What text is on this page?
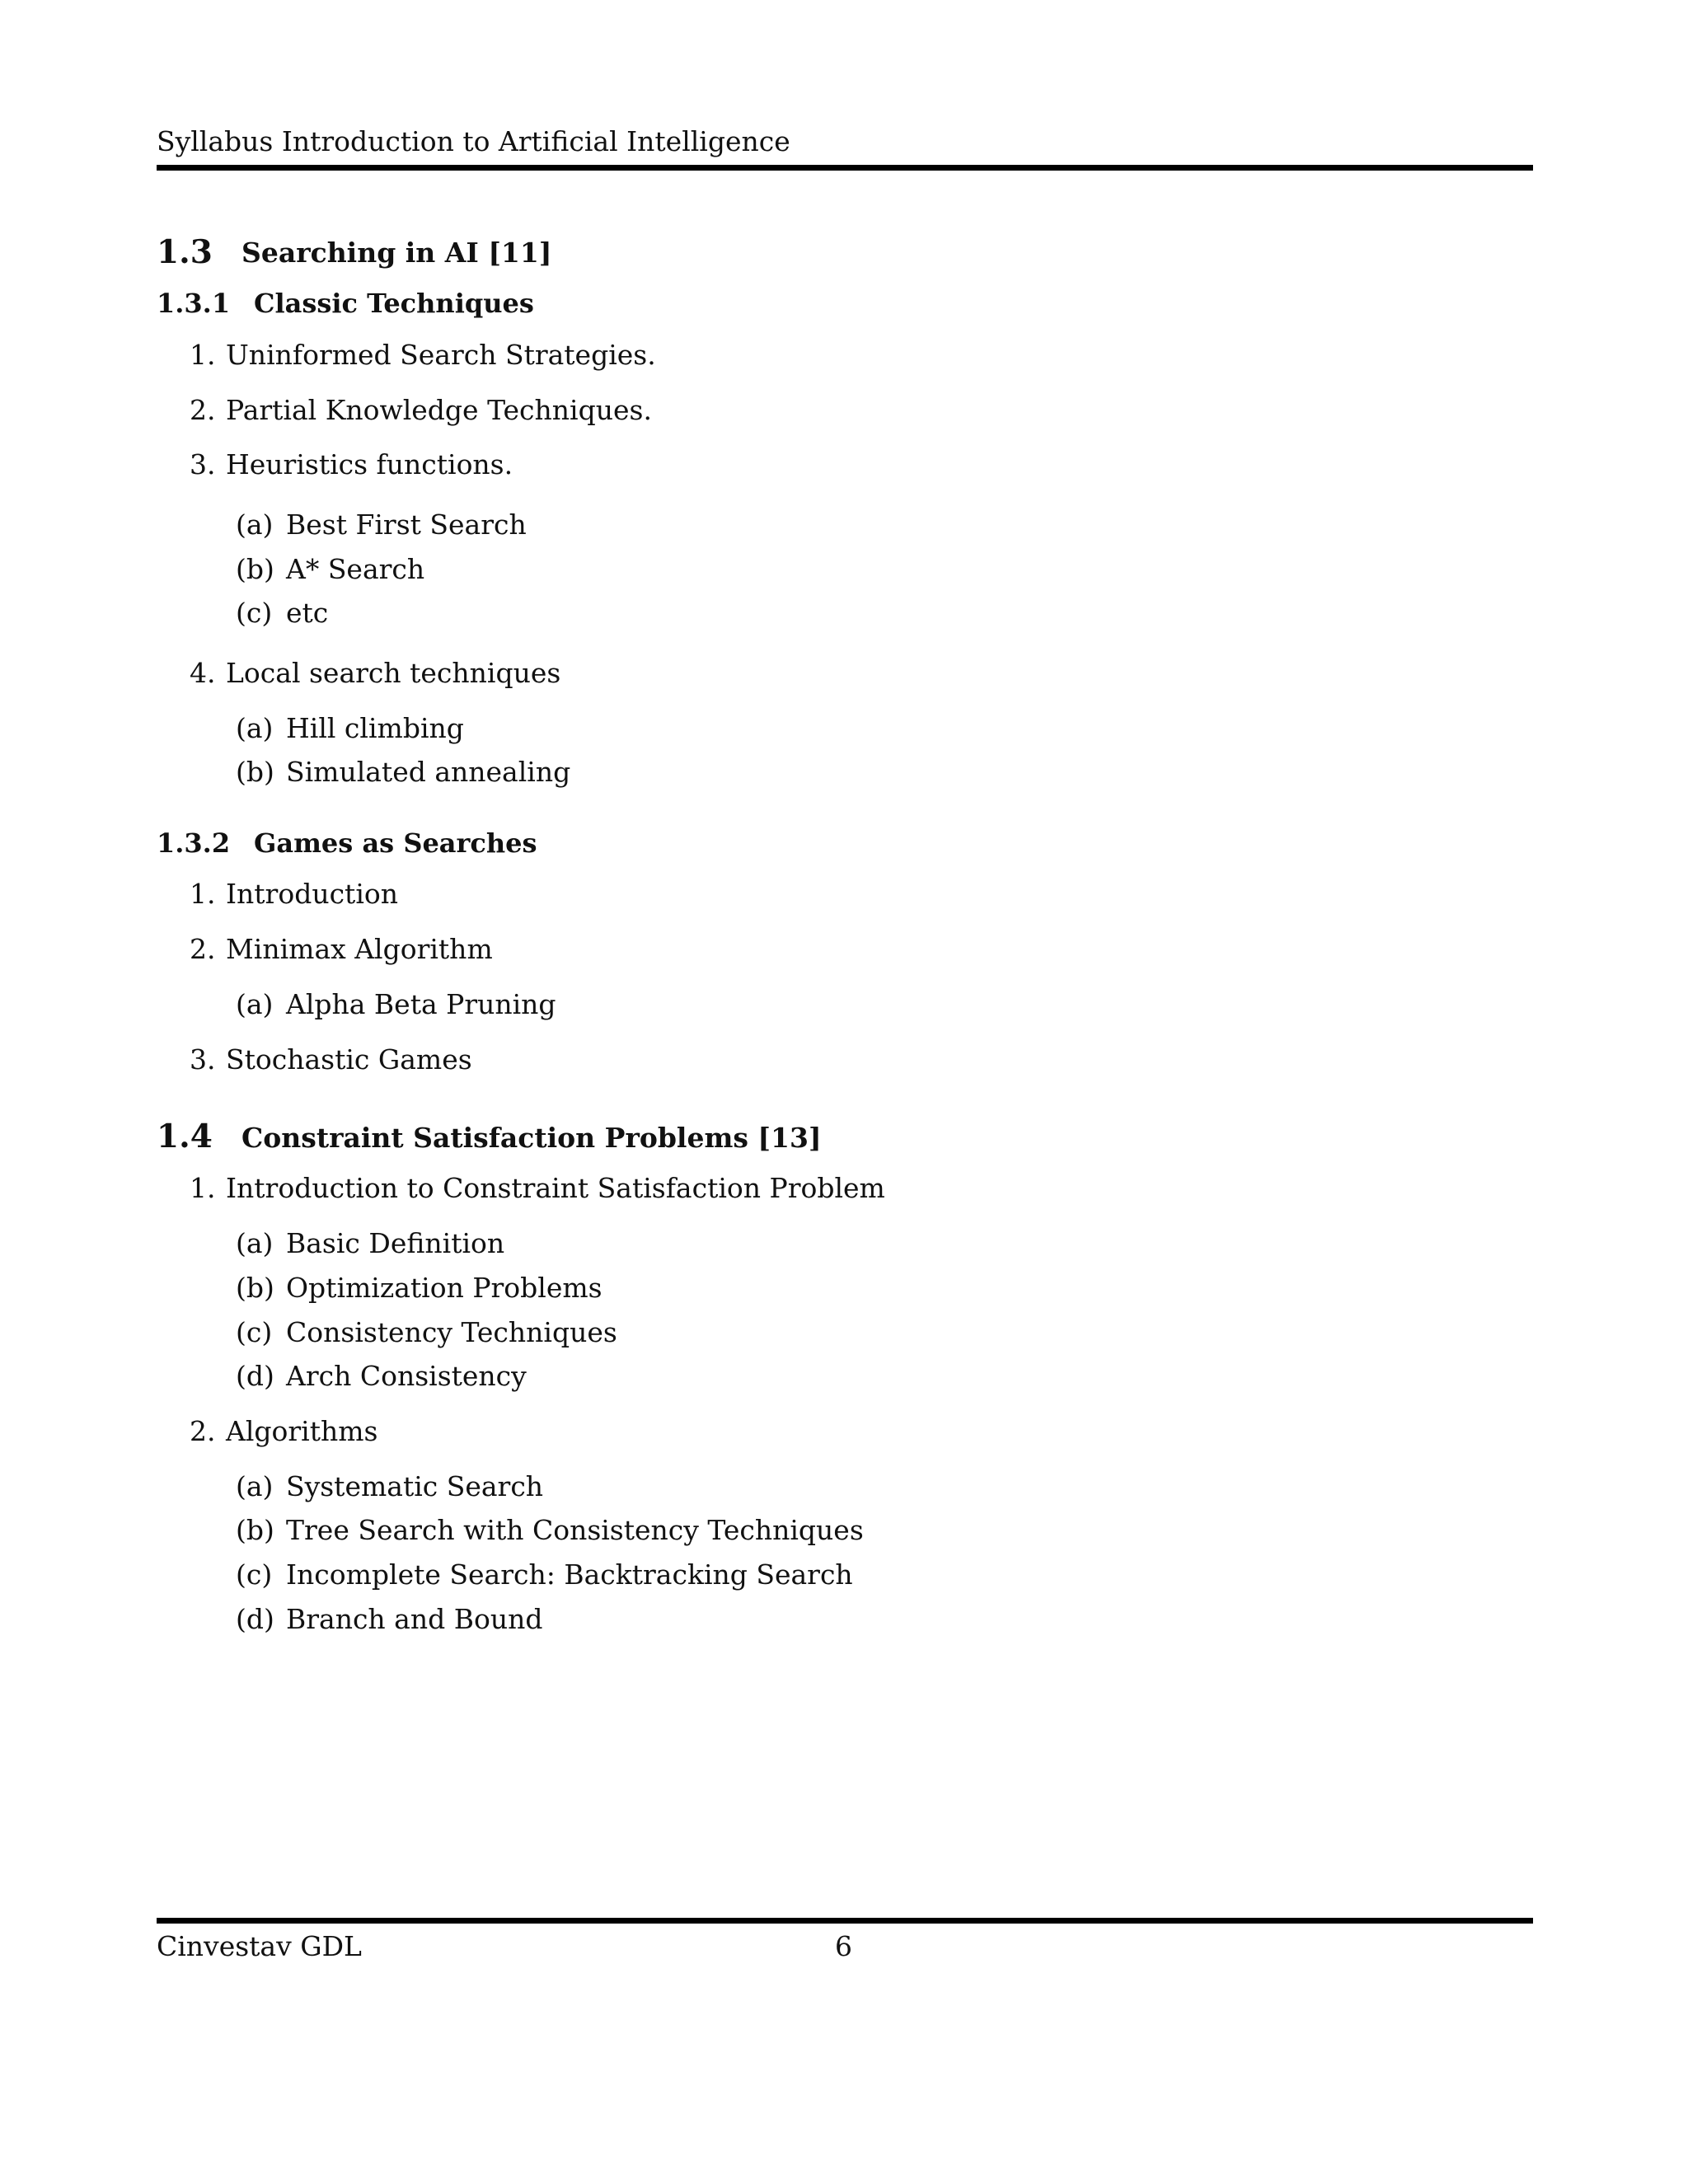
Syllabus Introduction to Artificial Intelligence
1.3 Searching in AI [11]
1.3.1 Classic Techniques
1. Uninformed Search Strategies.
2. Partial Knowledge Techniques.
3. Heuristics functions.
(a) Best First Search
(b) A* Search
(c) etc
4. Local search techniques
(a) Hill climbing
(b) Simulated annealing
1.3.2 Games as Searches
1. Introduction
2. Minimax Algorithm
(a) Alpha Beta Pruning
3. Stochastic Games
1.4 Constraint Satisfaction Problems [13]
1. Introduction to Constraint Satisfaction Problem
(a) Basic Definition
(b) Optimization Problems
(c) Consistency Techniques
(d) Arch Consistency
2. Algorithms
(a) Systematic Search
(b) Tree Search with Consistency Techniques
(c) Incomplete Search: Backtracking Search
(d) Branch and Bound
Cinvestav GDL	6
